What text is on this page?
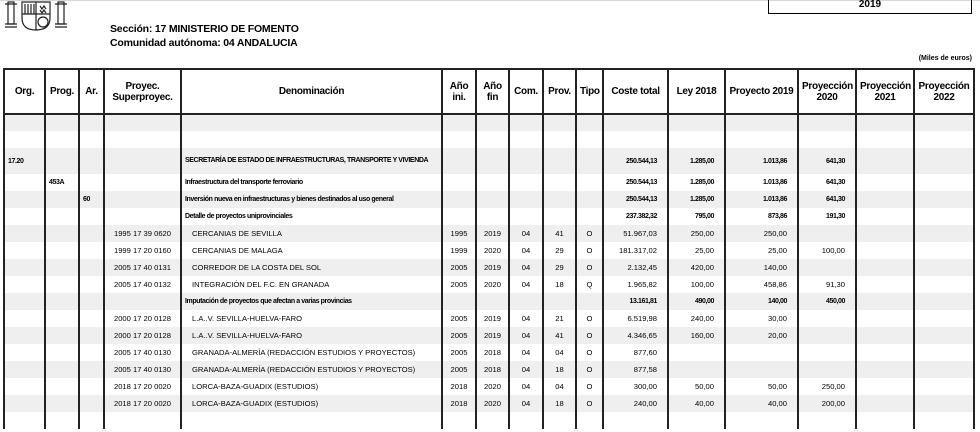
2019
Sección: 17 MINISTERIO DE FOMENTO
Comunidad autónoma: 04 ANDALUCIA
(Miles de euros)
Org.	Prog.	Ar.	Proyec. Superproyec.	Denominación	Año ini.	Año fin	Com.	Prov.	Tipo	Coste total	Ley 2018	Proyecto 2019	Proyección 2020	Proyección 2021	Proyección 2022

17.20				SECRETARÍA DE ESTADO DE INFRAESTRUCTURAS, TRANSPORTE Y VIVIENDA						250.544,13	1.285,00	1.013,86	641,30		
	453A			Infraestructura del transporte ferroviario						250.544,13	1.285,00	1.013,86	641,30		
		60		Inversión nueva en infraestructuras y bienes destinados al uso general						250.544,13	1.285,00	1.013,86	641,30		
				Detalle de proyectos uniprovinciales						237.382,32	795,00	873,86	191,30		
			1995 17 39 0620	CERCANIAS DE SEVILLA	1995	2019	04	41	O	51.967,03	250,00	250,00			
			1999 17 20 0160	CERCANIAS DE MALAGA	1999	2020	04	29	O	181.317,02	25,00	25,00	100,00		
			2005 17 40 0131	CORREDOR DE LA COSTA DEL SOL	2005	2019	04	29	O	2.132,45	420,00	140,00			
			2005 17 40 0132	INTEGRACIÓN DEL F.C. EN GRANADA	2005	2020	04	18	Q	1.965,82	100,00	458,86	91,30		
				Imputación de proyectos que afectan a varias provincias						13.161,81	490,00	140,00	450,00		
			2000 17 20 0128	L.A..V. SEVILLA-HUELVA-FARO	2005	2019	04	21	O	6.519,98	240,00	30,00			
			2000 17 20 0128	L.A..V. SEVILLA-HUELVA-FARO	2005	2019	04	41	O	4.346,65	160,00	20,00			
			2005 17 40 0130	GRANADA-ALMERÍA (REDACCIÓN ESTUDIOS Y PROYECTOS)	2005	2018	04	04	O	877,60					
			2005 17 40 0130	GRANADA-ALMERÍA (REDACCIÓN ESTUDIOS Y PROYECTOS)	2005	2018	04	18	O	877,58					
			2018 17 20 0020	LORCA-BAZA-GUADIX (ESTUDIOS)	2018	2020	04	04	O	300,00	50,00	50,00	250,00		
			2018 17 20 0020	LORCA-BAZA-GUADIX (ESTUDIOS)	2018	2020	04	18	O	240,00	40,00	40,00	200,00		
